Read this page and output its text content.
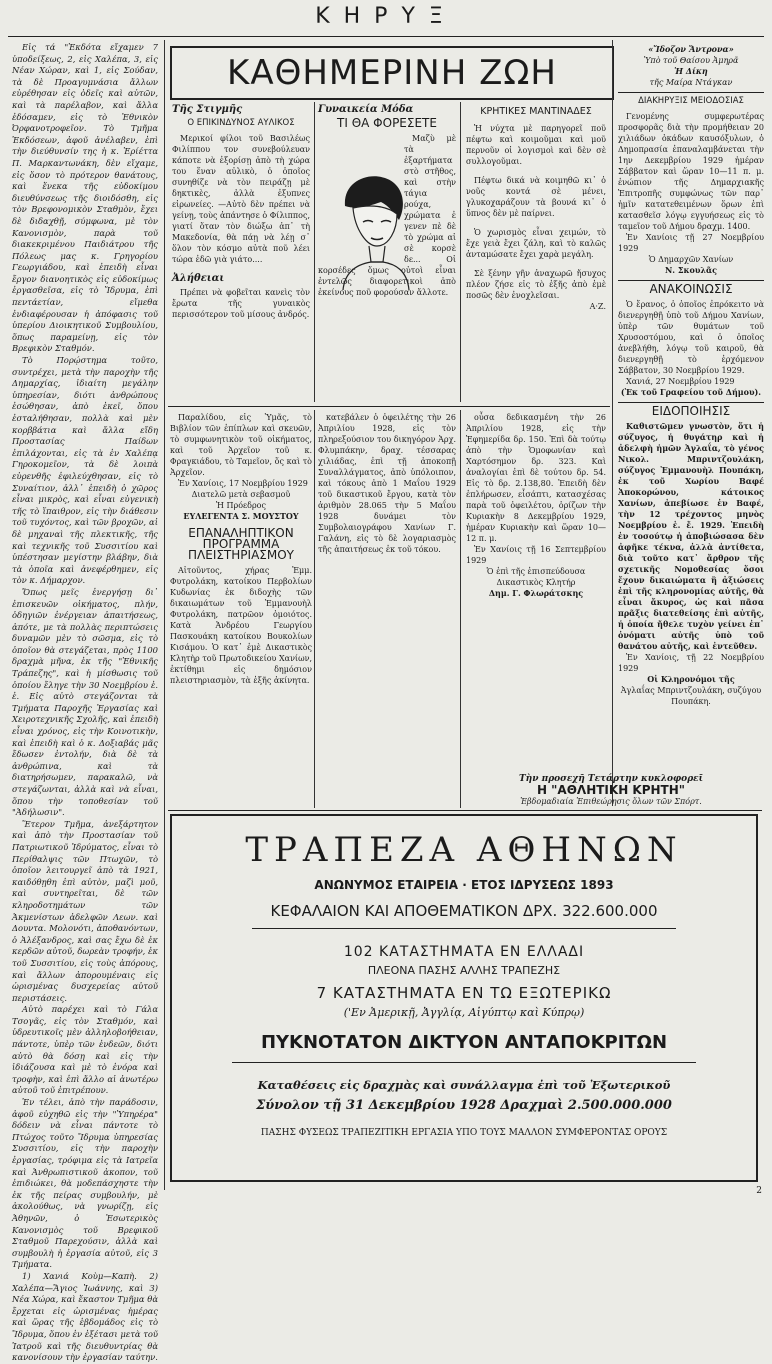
ΚΗΡΥΞ

Εἰς τά "Ἑκδότα εἴχαμεν 7 ὑποδείξεως, 2, εἰς Χαλέπα, 3, εἰς Νέαν Χώραν, καὶ 1, εἰς Σούδαν, τὰ δὲ Προαγυμνάσια ἄλλων εὑρέθησαν εἰς ὁδεῖς καὶ αὐτῶν, καὶ τὰ παρέλαβον, καὶ ἄλλα ἐδόσαμεν, εἰς τὸ Ἐθνικὸν Ὀρφανοτροφεῖον. Τὸ Τμῆμα Ἐκδόσεων, ἀφοῦ ἀνέλαβεν, ἐπὶ τὴν διεύθυνσίν της ἡ κ. Ἐρίέττα Π. Μαρκαντωνάκη, δὲν εἴχαμε, εἰς ὅσον τὸ πρότερον θανάτους, καὶ ἕνεκα τῆς εὐδοκίμου διευθύνσεως τῆς διοιδόσθη, εἰς τὸν Βρεφονομικὸν Σταθμὸν, ἔχει δὲ διδαχθῇ, σύμφωνα, μὲ τὸν Κανονισμὸν, παρὰ τοῦ διακεκριμένου Παιδιάτρου τῆς Πόλεως μας κ. Γρηγορίου Γεωργιάδου, καὶ ἐπειδὴ εἶναι ἔργον διανοητικὸς εἰς εὐδοκίμως ἐργασθεῖσα, εἰς τὸ Ἴδρυμα, ἐπὶ πεντάετίαν, εἴμεθα ἐνδιαφέρουσαν ἡ ἀπόφασις τοῦ ὑπερίου Διοικητικοῦ Συμβουλίου, ὅπως παραμείνῃ, εἰς τὸν Βρεφικὸν Σταθμόν.

Τὸ Πορῴστημα τοῦτο, συντρέχει, μετὰ τὴν παροχὴν τῆς Δημαρχίας, ἰδιαίτη μεγάλην ὑπηρεσίαν, διότι ἀνθρώπους ἐσώθησαν, ἀπὸ ἐκεῖ, ὅπου ἐσταλήθησαν, πολλὰ καὶ μὲν κορββάτια καὶ ἄλλα εἴδη Προστασίας Παίδων ἐπιλάχονται, εἰς τὰ ἐν Χαλέπᾳ Γηροκομεῖον, τὰ δὲ λοιπὰ εὑρενθῆς ἐφιλεύχθησαν, εἰς τὸ Συναίτιον, ἀλλ᾽ ἐπειδὴ ὁ χῶρος εἶναι μικρὸς, καὶ εἶναι εὐγενικὴ τῆς τὸ ἵπαιθρον, εἰς τὴν διάθεσιν τοῦ τυχόντος, καὶ τῶν βροχῶν, αἱ δὲ μηχαναὶ τῆς πλεκτικῆς, τῆς καὶ τεχνικῆς τοῦ Συσσιτίου καὶ ὑπέστησαν μεγίστην βλάβην, διὰ τὰ ὁποῖα καὶ ἀνεφέρθημεν, εἰς τὸν κ. Δήμαρχον.

Ὅπως μεῖς ἐνεργήσῃ δι᾽ ἐπισκευῶν οἰκήματος, πλήν, ὁδηγιῶν ἐνέργειαν ἀπαιτήσεως, ἀπότε, με τὰ πολλὰς περιπτώσεις δυναμῶν μὲν τὸ σῶσμα, εἰς τὸ ὁποῖον θὰ στεγάζεται, πρὸς 1100 δραχμὰ μῆνα, ἐκ τῆς "Ἐθνικῆς Τράπεζης", καὶ ἡ μίσθωσις τοῦ ὁποίου ἔληγε τὴν 30 Νοεμβρίου ἐ. ἐ. Εἰς αὐτὸ στεγάζονται τὰ Τμήματα Παροχῆς Ἐργασίας καὶ Χειροτεχνικῆς Σχολῆς, καὶ ἐπειδὴ εἶναι χρόνος, εἰς τὴν Κοινοτικὴν, καὶ ἐπειδὴ καὶ ὁ κ. Δοξιαβάς μᾶς ἔδωσεν ἐντολήν, διὰ δὲ τὰ ἀνθρώπινα, καὶ τὰ διατηρήσωμεν, παρακαλῶ, νὰ στεγάζωνται, ἀλλὰ καὶ νὰ εἶναι, ὅπου τὴν τοποθεσίαν τοῦ "Ἀδήλωσιν".

Ἕτερον Τμῆμα, ἀνεξάρτητον καὶ ἀπὸ τὴν Προστασίαν τοῦ Πατριωτικοῦ Ἱδρύματος, εἶναι τὸ Περίθαλψις τῶν Πτωχῶν, τὸ ὁποῖον λειτουργεῖ ἀπὸ τὰ 1921, καιδόθῃθη ἐπὶ αὐτὸν, μαζὶ μοῦ, καὶ συντηρεῖται, δὲ τῶν κληροδοτημάτων τῶν Ἀκμενίστων ἀδελφῶν Λεων. καὶ Δουντα. Μολονότι, ἀποθανόντων, ὁ Ἀλέξανδρος, καὶ σας ἔχω δὲ ἐκ κερδῶν αὐτοῦ, δωρεὰν τροφήν, ἐκ τοῦ Συσσιτίου, εἰς τοὺς ἀπόρους, καὶ ἄλλων ἀπορουμέναις εἰς ὡρισμένας δυσχερείας αὐτοῦ περιστάσεις.

Αὐτὸ παρέχει καὶ τὸ Γάλα Τσογᾶς, εἰς τὸν Σταθμόν, καὶ ὑδρευτικοῖς μὲν ἀλληλοβοήθειαν, πάντοτε, ὑπὲρ τῶν ἐνδεῶν, διότι αὐτὸ θὰ δόσῃ καὶ εἰς τὴν ἰδιάζουσα καὶ μὲ τὸ ἐνόρα καὶ τροφὴν, καὶ ἐπὶ ἄλλο αἱ ἀνωτέρω αὐτοῦ τοῦ ἐπιτρέπουν.

Ἐν τέλει, ἀπὸ τὴν παράδοσιν, ἀφοῦ εὐχηθῶ εἰς τὴν "Ὑπηρέρα" δόδειν νὰ εἶναι πάντοτε τὸ Πτώχος τοῦτο Ἴδρυμα ὑπηρεσίας Συσσιτίου, εἰς τὴν παροχὴν ἐργασίας, τρόφιμα εἰς τὰ Ιατρεῖα καὶ Ἀνθρωπιστικοῦ ἀκοπον, τοῦ ἐπιδιώκει, θὰ μοδεπάσχηστε τὴν ἐκ τῆς πείρας συμβουλήν, μὲ ἀκολούθως, νὰ γνωρίζῃ, εἰς Ἀθηνῶν, ὁ Ἐσωτερικὸς Κανονισμὸς τοῦ Βρεφικοῦ Σταθμοῦ Παρεχούσιν, ἀλλὰ καὶ συμβουλὴ ἡ ἐργασία αὐτοῦ, εἰς 3 Τμήματα.

1) Χανιά Κοὺμ—Καπὴ. 2) Χαλέπα—Ἅγιος Ἰωάννης, καὶ 3) Νέα Χώρα, καὶ ἕκαστον Τμῆμα θὰ ἔρχεται εἰς ὡρισμένας ἡμέρας καὶ ὥρας τῆς ἑβδομάδος εἰς τὸ Ἴδρυμα, ὅπου ἐν ἐξέτασι μετὰ τοῦ Ἰατροῦ καὶ τῆς διευθυντρίας θὰ κανονίσουν τὴν ἐργασίαν ταύτην.

ΚΑΘΗΜΕΡΙΝΗ ΖΩΗ
Τῆς Στιγμῆς
Ο ΕΠΙΚΙΝΔΥΝΟΣ ΑΥΛΙΚΟΣ

Μερικοί φίλοι τοῦ Βασιλέως Φιλίππου τον συνεβούλευαν κάποτε νὰ ἐξορίσῃ ἀπὸ τὴ χώρα του ἕναν αὐλικὸ, ὁ ὁποῖος συνηθίζε νὰ τὸν πειράζῃ μὲ δηκτικὲς, ἀλλὰ ἐξυπνες εἰρωνείες. —Αὐτὸ δὲν πρέπει νὰ γείνῃ, τοὺς ἀπάντησε ὁ Φίλιππος, γιατί ὅταν τὸν διώξω ἀπ᾽ τὴ Μακεδονία, θὰ πάῃ νὰ λέῃ σ᾽ ὅλον τὸν κόσμο αὐτὰ ποῦ λέει τώρα ἐδῶ γιὰ γιάτο....

Ἀλήθειαι

Πρέπει νὰ φοβεῖται κανεὶς τὸν ἔρωτα τῆς γυναικὸς περισσότερον τοῦ μίσους ἀνδρός.

Γυναικεία Μόδα
ΤΙ ΘΑ ΦΟΡΕΣΕΤΕ

Μαζὺ μὲ τὰ ἐξαρτήματα στὸ στῆθος, καὶ στὴν τάγια ρούχα, χρώματα ἐ γενεν πὲ δὲ τὸ χρώμα αἱ σὲ κορσὲ δε... Οἱ κορσέδες ὅμως οὐτοὶ εἶναι ἐντελῶς διαφορετικοὶ ἀπὸ ἐκείνους ποῦ φορούσαν ἄλλοτε.

ΚΡΗΤΙΚΕΣ ΜΑΝΤΙΝΑΔΕΣ

Ἡ νύχτα μὲ παρηγορεῖ ποῦ πέφτω καὶ κοιμοῦμαι καὶ μοῦ περνοῦν οἱ λογισμοὶ καὶ δὲν σὲ συλλογοῦμαι.

Πέφτω δικά νὰ κοιμηθῶ κι᾽ ὁ νοῦς κοντά σὲ μένει, γλυκοχαράζουν τὰ βουνά κι᾽ ὁ ὕπνος δὲν μὲ παίρνει.

Ὁ χωρισμὸς εἶναι χειμών, τὸ ἔχε γειὰ ἔχει ζάλη, καὶ τὸ καλῶς ἀνταμώσατε ἔχει χαρὰ μεγάλη.

Σὲ ξένην γῆν ἀναχωρῶ ἤσυχος πλέον ζήσε εἰς τὸ ἐξῆς ἀπὸ ἐμὲ ποσῶς δὲν ἐνοχλεῖσαι.

Α·Ζ.

Παραλίδου, εἰς Ὑμᾶς, τὸ Βιβλίον τῶν ἐπίπλων καὶ σκευῶν, τὸ συμφωνητικὸν τοῦ οἰκήματος, καὶ τοῦ Ἀρχεῖον τοῦ κ. Φραγκιάδου, τὸ Ταμεῖον, ὅς καὶ τὸ Ἀρχεῖον.

Ἐν Χανίοις, 17 Νοεμβρίου 1929

Διατελῶ μετὰ σεβασμοῦ

Ἡ Πρόεδρος

ΕΥΛΕΓΕΝΤΑ Σ. ΜΟΥΣΤΟΥ

ΕΠΑΝΑΛΗΠΤΙΚΟΝ ΠΡΟΓΡΑΜΜΑ ΠΛΕΙΣΤΗΡΙΑΣΜΟΥ

Αἰτοῦντος, χήρας Ἐμμ. Φυτρολάκη, κατοίκου Περβολίων Κυδωνίας ἐκ διδοχὴς τῶν δικαιωμάτων τοῦ Ἐμμανουὴλ Φυτρολάκη, πατρῶον ὁμοιότος. Κατὰ Ἀνδρέου Γεωργίου Πασκουάκη κατοίκου Βουκολίων Κισάμου. Ὁ κατ᾽ ἐμὲ Δικαστικὸς Κλητὴρ τοῦ Πρωτοδικείου Χανίων, ἐκτίθημι εἰς δημόσιον πλειστηριασμὸν, τὰ ἑξῆς ἀκίνητα.

κατεβάλεν ὁ ὀφειλέτης τὴν 26 Ἀπριλίου 1928, εἰς τὸν πληρεξούσιον του δικηγόρον Ἀρχ. Φλυμπάκην, δραχ. τέσσαρας χιλιάδας, ἐπὶ τῇ ἀποκοπῇ Συναλλάγματος, ἀπὸ ὑπόλοιπον, καὶ τόκους ἀπὸ 1 Μαΐου 1929 τοῦ δικαστικοῦ ἔργου, κατὰ τὸν ἀριθμὸν 28.065 τὴν 5 Μαΐου 1928 δυνάμει τὸν Συμβολαιογράφου Χανίων Γ. Γαλάνη, εἰς τὸ δὲ λογαριασμὸς τῆς ἀπαιτήσεως ἐκ τοῦ τόκου.

οὖσα δεδικασμένη τὴν 26 Ἀπριλίου 1928, εἰς τὴν Ἑφημερίδα δρ. 150. Ἐπὶ δὰ τούτῳ ἀπὸ τὴν Ὁμοφωνίαν καὶ Χαρτόσημον δρ. 323. Καὶ ἀναλογίαι ἐπὶ δὲ τούτου δρ. 54. Εἰς τὸ δρ. 2.138,80. Ἐπειδὴ δὲν ἐπλήρωσεν, εἶσάπτι, κατασχέσας παρὰ τοῦ ὀφειλέτου, ὁρίζων τὴν Κυριακὴν 8 Δεκεμβρίου 1929, ἡμέραν Κυριακὴν καὶ ὥραν 10—12 π. μ.

Ἐν Χανίοις τῇ 16 Σεπτεμβρίου 1929

Ὁ ἐπὶ τῆς ἐπισπεύδουσα Δικαστικὸς Κλητήρ

Δημ. Γ. Φλωράτσκης

Τὴν προσεχῆ Τετάρτην κυκλοφορεῖ
Η "ΑΘΛΗΤΙΚΗ ΚΡΗΤΗ"
Ἑβδομαδιαία Ἐπιθεώρησις ὅλων τῶν Σπόρτ.

«Ἴδοζον Ἄντρονα»

Ὑπὸ τοῦ Θαίσου Ἀμηρᾶ

Ἡ Δίκη

τῆς Μαίρα Ντάγκαν

ΔΙΑΚΗΡΥΞΙΣ ΜΕΙΟΔΟΣΙΑΣ

Γενομένης συμφερωτέρας προσφορᾶς διὰ τὴν προμήθειαν 20 χιλιάδων ὀκάδων καυσόξυλων, ὁ Δημοπρασία ἐπαναλαμβάνεται τὴν 1ην Δεκεμβρίου 1929 ἡμέραν Σάββατον καὶ ὥραν 10—11 π. μ. ἐνώπιον τῆς Δημαρχιακῆς Ἐπιτροπῆς συμφώνως τῶν παρ᾽ ἡμῖν κατατεθειμένων ὅρων ἐπὶ κατασθεῖσ λόγῳ εγγυήσεως εἰς τὸ ταμεῖον τοῦ Δήμου δραχμ. 1400.

Ἐν Χανίοις τῇ 27 Νοεμβρίου 1929

Ὁ Δημαρχῶν Χανίων

Ν. Σκουλᾶς

ΑΝΑΚΟΙΝΩΣΙΣ

Ὁ ἔρανος, ὁ ὁποῖος ἐπρόκειτο νὰ διενεργηθῇ ὑπὸ τοῦ Δήμου Χανίων, ὑπὲρ τῶν θυμάτων τοῦ Χρυσοστόμου, καὶ ὁ ὁποῖος ἀνεβλήθη, λόγῳ τοῦ καιροῦ, θὰ διενεργηθῇ τὸ ἐρχόμενον Σάββατον, 30 Νοεμβρίου 1929.

Χανιά, 27 Νοεμβρίου 1929

(Ἐκ τοῦ Γραφείου τοῦ Δήμου).

ΕΙΔΟΠΟΙΗΣΙΣ

Καθιστῶμεν γνωστὸν, ὅτι ἡ σύζυγος, ἡ θυγάτηρ καὶ ἡ ἀδελφὴ ἡμῶν Ἀγλαΐα, τὸ γένος Νικολ. Μπριντζουλάκη, σύζυγος Ἐμμανουὴλ Πουπάκη, ἐκ τοῦ Χωρίου Βαφέ Ἀποκορώνου, κάτοικος Χανίων, ἀπεβίωσε ἐν Βαφέ, τὴν 12 τρέχοντος μηνὸς Νοεμβρίου ἐ. ἔ. 1929. Ἐπειδὴ ἐν τοσούτῳ ἡ ἀποβιώσασα δὲν ἀφῆκε τέκνα, ἀλλὰ ἀντίθετα, διὰ τοῦτο κατ᾽ ἄρθρον τῆς σχετικῆς Νομοθεσίας ὅσοι ἔχουν δικαιώματα ἢ ἀξιώσεις ἐπὶ τῆς κληρονομίας αὐτῆς, θὰ εἶναι ἄκυρος, ὡς καὶ πᾶσα πρᾶξις διατεθείσης ἐπὶ αὐτῆς, ἡ ὁποία ἤθελε τυχὸν γείνει ἐπ᾽ ὀνόματι αὐτῆς ὑπὸ τοῦ θανάτου αὐτῆς, καὶ ἐντεῦθεν.

Ἐν Χανίοις, τῇ 22 Νοεμβρίου 1929

Οἱ Κληρονόμοι τῆς

Ἀγλαΐας Μπριντζουλάκη, συζύγου Πουπάκη.

ΤΡΑΠΕΖΑ ΑΘΗΝΩΝ
ΑΝΩΝΥΜΟΣ ΕΤΑΙΡΕΙΑ · ΕΤΟΣ ΙΔΡΥΣΕΩΣ 1893
ΚΕΦΑΛΑΙΟΝ ΚΑΙ ΑΠΟΘΕΜΑΤΙΚΟΝ ΔΡΧ. 322.600.000
102 ΚΑΤΑΣΤΗΜΑΤΑ ΕΝ ΕΛΛΑΔΙ
ΠΛΕΟΝΑ ΠΑΣΗΣ ΑΛΛΗΣ ΤΡΑΠΕΖΗΣ
7 ΚΑΤΑΣΤΗΜΑΤΑ ΕΝ ΤΩ ΕΞΩΤΕΡΙΚΩ
('Εν Ἀμερικῇ, Ἀγγλίᾳ, Αἰγύπτῳ καὶ Κύπρῳ)
ΠΥΚΝΟΤΑΤΟΝ ΔΙΚΤΥΟΝ ΑΝΤΑΠΟΚΡΙΤΩΝ
Καταθέσεις εἰς δραχμὰς καὶ συνάλλαγμα ἐπὶ τοῦ Ἐξωτερικοῦ
Σύνολον τῇ 31 Δεκεμβρίου 1928 Δραχμαὶ 2.500.000.000
ΠΑΣΗΣ ΦΥΣΕΩΣ ΤΡΑΠΕΖΙΤΙΚΗ ΕΡΓΑΣΙΑ ΥΠΟ ΤΟΥΣ ΜΑΛΛΟΝ ΣΥΜΦΕΡΟΝΤΑΣ ΟΡΟΥΣ
2
